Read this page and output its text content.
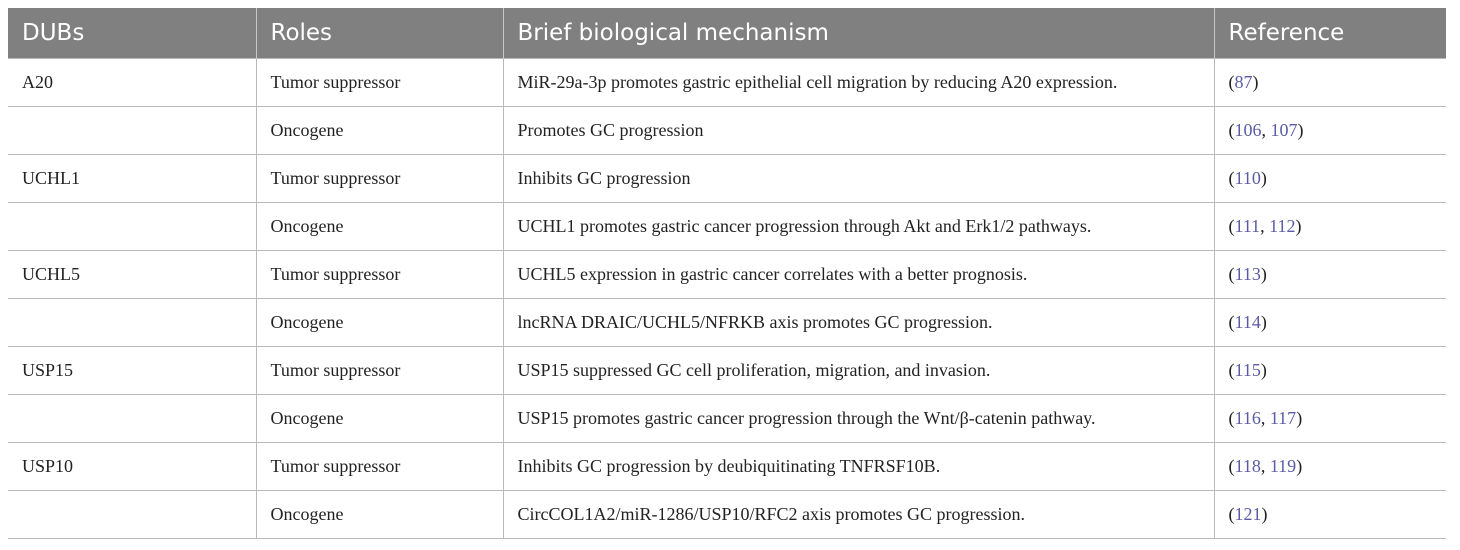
DUBs	Roles	Brief biological mechanism	Reference
A20	Tumor suppressor	MiR-29a-3p promotes gastric epithelial cell migration by reducing A20 expression.	(87)
	Oncogene	Promotes GC progression	(106, 107)
UCHL1	Tumor suppressor	Inhibits GC progression	(110)
	Oncogene	UCHL1 promotes gastric cancer progression through Akt and Erk1/2 pathways.	(111, 112)
UCHL5	Tumor suppressor	UCHL5 expression in gastric cancer correlates with a better prognosis.	(113)
	Oncogene	lncRNA DRAIC/UCHL5/NFRKB axis promotes GC progression.	(114)
USP15	Tumor suppressor	USP15 suppressed GC cell proliferation, migration, and invasion.	(115)
	Oncogene	USP15 promotes gastric cancer progression through the Wnt/β-catenin pathway.	(116, 117)
USP10	Tumor suppressor	Inhibits GC progression by deubiquitinating TNFRSF10B.	(118, 119)
	Oncogene	CircCOL1A2/miR-1286/USP10/RFC2 axis promotes GC progression.	(121)
